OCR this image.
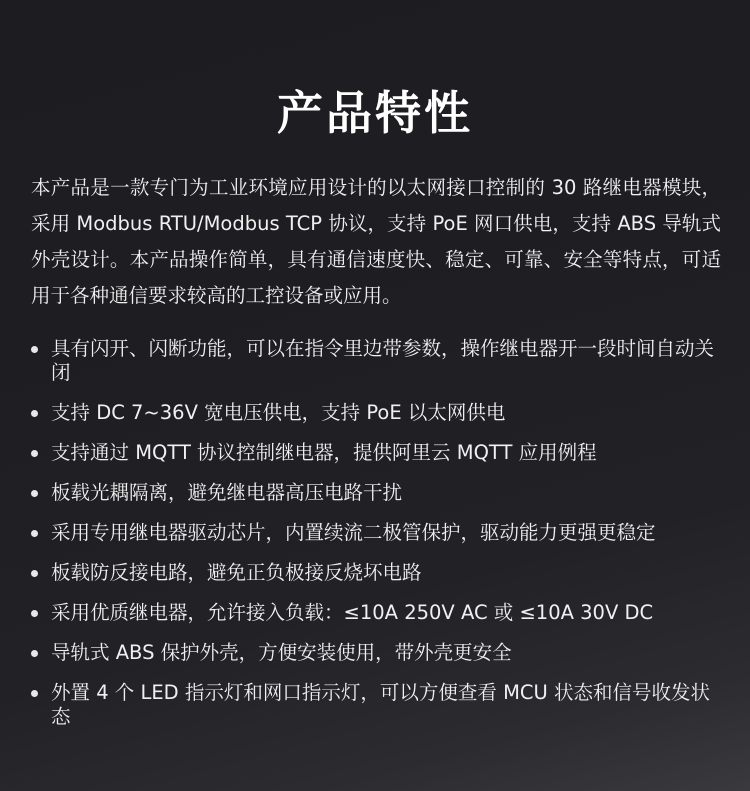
产品特性

本产品是一款专门为工业环境应用设计的以太网接口控制的 30 路继电器模块，采用 Modbus RTU/Modbus TCP 协议，支持 PoE 网口供电，支持 ABS 导轨式外壳设计。本产品操作简单，具有通信速度快、稳定、可靠、安全等特点，可适用于各种通信要求较高的工控设备或应用。

具有闪开、闪断功能，可以在指令里边带参数，操作继电器开一段时间自动关闭
支持 DC 7~36V 宽电压供电，支持 PoE 以太网供电
支持通过 MQTT 协议控制继电器，提供阿里云 MQTT 应用例程
板载光耦隔离，避免继电器高压电路干扰
采用专用继电器驱动芯片，内置续流二极管保护，驱动能力更强更稳定
板载防反接电路，避免正负极接反烧坏电路
采用优质继电器，允许接入负载：≤10A 250V AC 或 ≤10A 30V DC
导轨式 ABS 保护外壳，方便安装使用，带外壳更安全
外置 4 个 LED 指示灯和网口指示灯，可以方便查看 MCU 状态和信号收发状态
